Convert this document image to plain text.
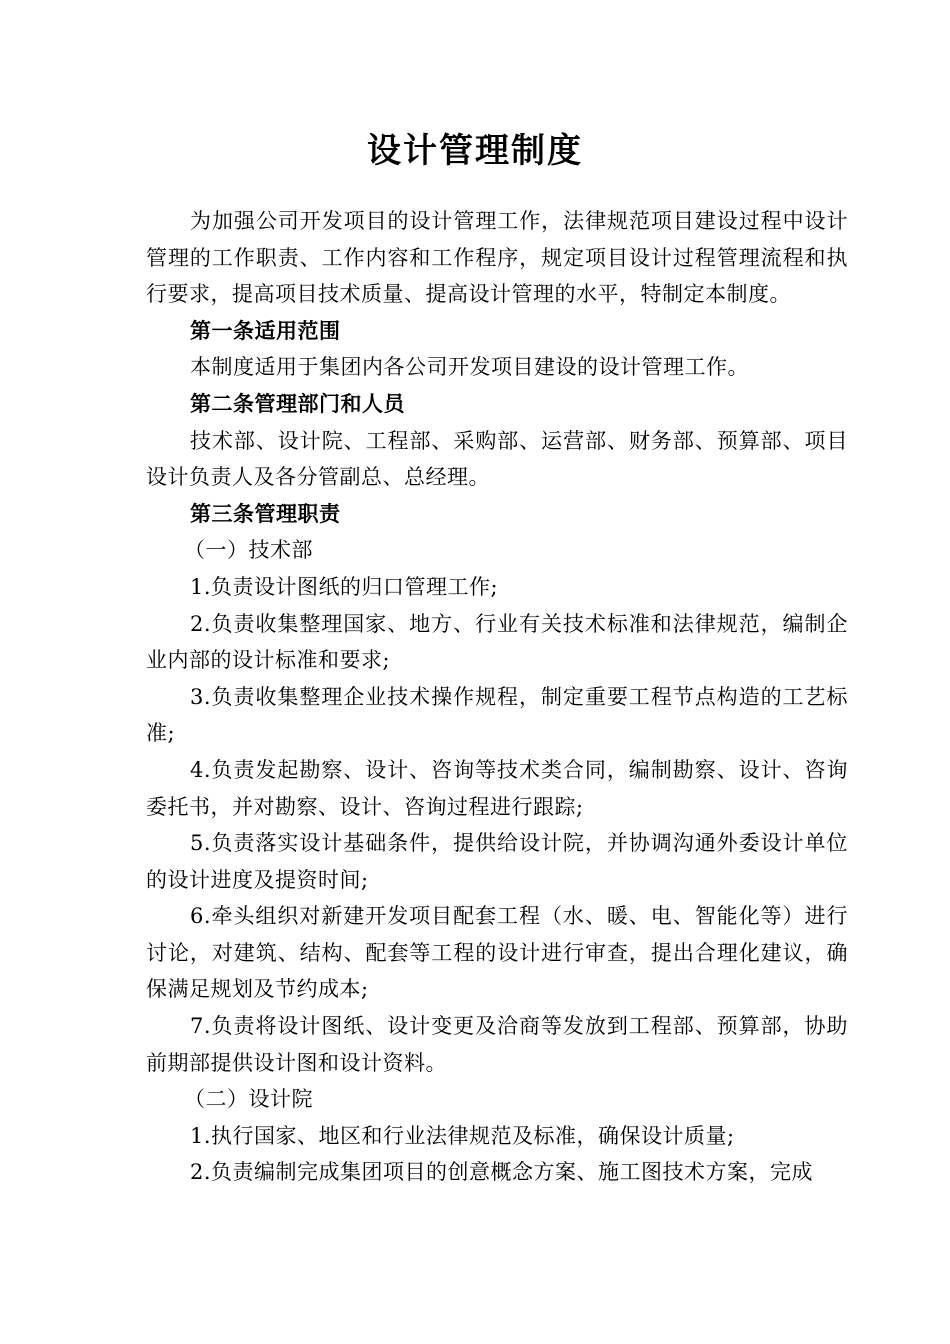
设计管理制度

为加强公司开发项目的设计管理工作，法律规范项目建设过程中设计管理的工作职责、工作内容和工作程序，规定项目设计过程管理流程和执行要求，提高项目技术质量、提高设计管理的水平，特制定本制度。

第一条适用范围

本制度适用于集团内各公司开发项目建设的设计管理工作。

第二条管理部门和人员

技术部、设计院、工程部、采购部、运营部、财务部、预算部、项目设计负责人及各分管副总、总经理。

第三条管理职责

（一）技术部

1.负责设计图纸的归口管理工作;

2.负责收集整理国家、地方、行业有关技术标准和法律规范，编制企业内部的设计标准和要求;

3.负责收集整理企业技术操作规程，制定重要工程节点构造的工艺标准;

4.负责发起勘察、设计、咨询等技术类合同，编制勘察、设计、咨询委托书，并对勘察、设计、咨询过程进行跟踪;

5.负责落实设计基础条件，提供给设计院，并协调沟通外委设计单位的设计进度及提资时间;

6.牵头组织对新建开发项目配套工程（水、暖、电、智能化等）进行讨论，对建筑、结构、配套等工程的设计进行审查，提出合理化建议，确保满足规划及节约成本;

7.负责将设计图纸、设计变更及洽商等发放到工程部、预算部，协助前期部提供设计图和设计资料。

（二）设计院

1.执行国家、地区和行业法律规范及标准，确保设计质量;

2.负责编制完成集团项目的创意概念方案、施工图技术方案，完成
